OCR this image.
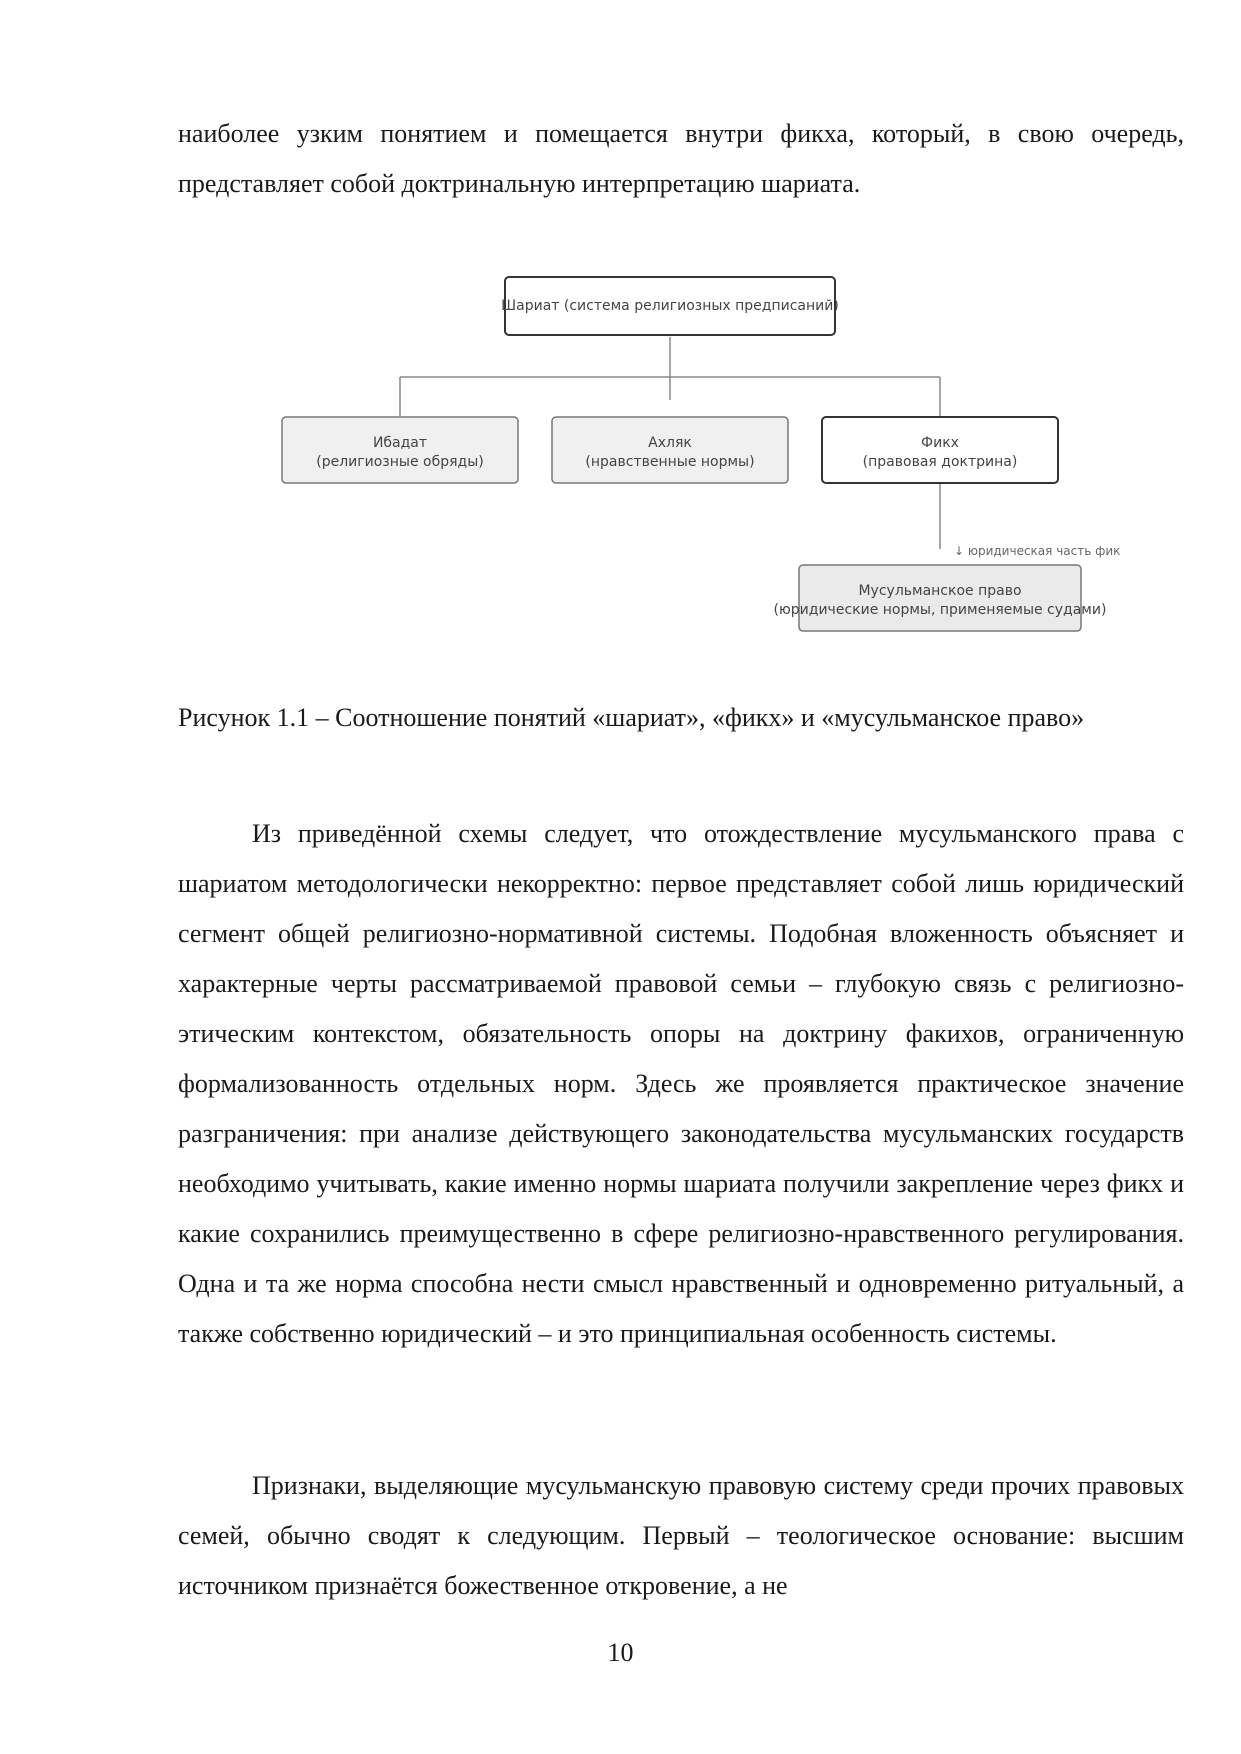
наиболее узким понятием и помещается внутри фикха, который, в свою очередь, представляет собой доктринальную интерпретацию шариата.

Шариат (система религиозных предписаний)
Ибадат
(религиозные обряды)
Ахляк
(нравственные нормы)
Фикх
(правовая доктрина)
↓ юридическая часть фик
Мусульманское право
(юридические нормы, применяемые судами)

Рисунок 1.1 – Соотношение понятий «шариат», «фикх» и «мусульманское право»

Из приведённой схемы следует, что отождествление мусульманского права с шариатом методологически некорректно: первое представляет собой лишь юридический сегмент общей религиозно-нормативной системы. Подобная вложенность объясняет и характерные черты рассматриваемой правовой семьи – глубокую связь с религиозно-этическим контекстом, обязательность опоры на доктрину факихов, ограниченную формализованность отдельных норм. Здесь же проявляется практическое значение разграничения: при анализе действующего законодательства мусульманских государств необходимо учитывать, какие именно нормы шариата получили закрепление через фикх и какие сохранились преимущественно в сфере религиозно-нравственного регулирования. Одна и та же норма способна нести смысл нравственный и одновременно ритуальный, а также собственно юридический – и это принципиальная особенность системы.

Признаки, выделяющие мусульманскую правовую систему среди прочих правовых семей, обычно сводят к следующим. Первый – теологическое основание: высшим источником признаётся божественное откровение, а не

10
